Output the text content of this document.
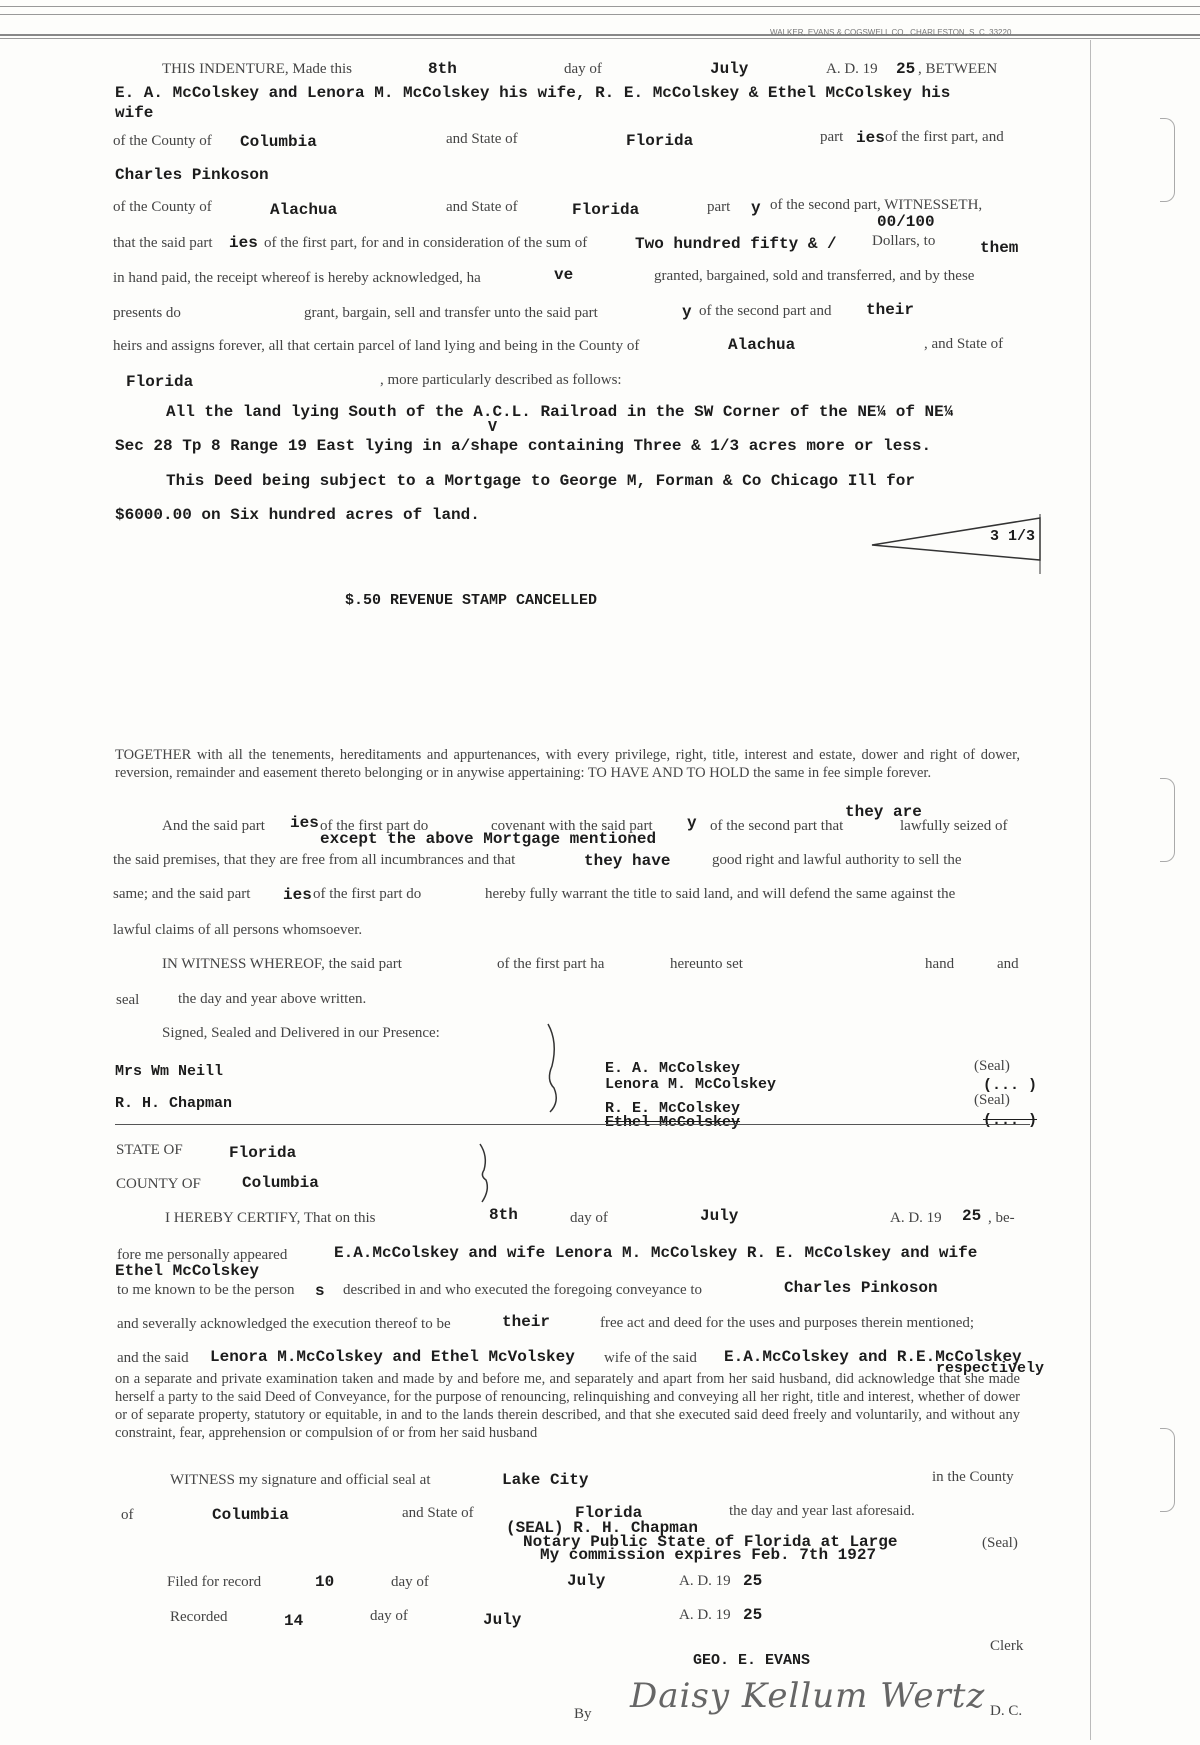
WALKER, EVANS & COGSWELL CO., CHARLESTON, S. C. 33220
THIS INDENTURE, Made this	8th	day of	July	A. D. 19 25 , BETWEEN
E. A. McColskey and Lenora M. McColskey his wife, R. E. McColskey & Ethel McColskey his
wife
of the County of Columbia	and State of	Florida	part ies of the first part, and
Charles Pinkoson
of the County of	Alachua	and State of	Florida	part y of the second part, WITNESSETH,
00/100
that the said part ies of the first part, for and in consideration of the sum of	Two hundred fifty & / Dollars, to	them
in hand paid, the receipt whereof is hereby acknowledged, ha	ve	granted, bargained, sold and transferred, and by these
presents do	grant, bargain, sell and transfer unto the said part	y of the second part and their
heirs and assigns forever, all that certain parcel of land lying and being in the County of	Alachua	, and State of
Florida	, more particularly described as follows:
All the land lying South of the A.C.L. Railroad in the SW Corner of the NE¼ of NE¼
V
Sec 28 Tp 8 Range 19 East lying in a/shape containing Three & 1/3 acres more or less.
This Deed being subject to a Mortgage to George M, Forman & Co Chicago Ill for
$6000.00 on Six hundred acres of land.
3 1/3
$.50 REVENUE STAMP CANCELLED
TOGETHER with all the tenements, hereditaments and appurtenances, with every privilege, right, title, interest and estate, dower and right of dower, reversion, remainder and easement thereto belonging or in anywise appertaining: TO HAVE AND TO HOLD the same in fee simple forever.
And the said part ies of the first part do	covenant with the said part y of the second part that
they are
lawfully seized of
except the above Mortgage mentioned
the said premises, that they are free from all incumbrances and that	they have	good right and lawful authority to sell the
same; and the said part ies of the first part do	hereby fully warrant the title to said land, and will defend the same against the
lawful claims of all persons whomsoever.
IN WITNESS WHEREOF, the said part	of the first part ha	hereunto set	hand	and
seal	the day and year above written.
Signed, Sealed and Delivered in our Presence:
Mrs Wm Neill
R. H. Chapman
E. A. McColskey
Lenora M. McColskey
R. E. McColskey
Ethel McColskey
(Seal)
(... )
(Seal)
(... )
STATE OF	Florida
COUNTY OF	Columbia
I HEREBY CERTIFY, That on this	8th	day of	July	A. D. 19 25 , be-
fore me personally appeared	E.A.McColskey and wife Lenora M. McColskey R. E. McColskey and wife
Ethel McColskey
to me known to be the person s described in and who executed the foregoing conveyance to	Charles Pinkoson
and severally acknowledged the execution thereof to be	their	free act and deed for the uses and purposes therein mentioned;
and the said Lenora M.McColskey and Ethel McVolskey wife of the said E.A.McColskey and R.E.McColskey
respectively
on a separate and private examination taken and made by and before me, and separately and apart from her said husband, did acknowledge that she made herself a party to the said Deed of Conveyance, for the purpose of renouncing, relinquishing and conveying all her right, title and interest, whether of dower or of separate property, statutory or equitable, in and to the lands therein described, and that she executed said deed freely and voluntarily, and without any constraint, fear, apprehension or compulsion of or from her said husband
WITNESS my signature and official seal at	Lake City	in the County
of	Columbia	and State of	Florida	the day and year last aforesaid.
(SEAL) R. H. Chapman
Notary Public State of Florida at Large
My commission expires Feb. 7th 1927
(Seal)
Filed for record	10	day of	July	A. D. 19 25
Recorded	14	day of	July	A. D. 19 25
Clerk
GEO. E. EVANS
By Daisy Kellum Wertz D. C.
